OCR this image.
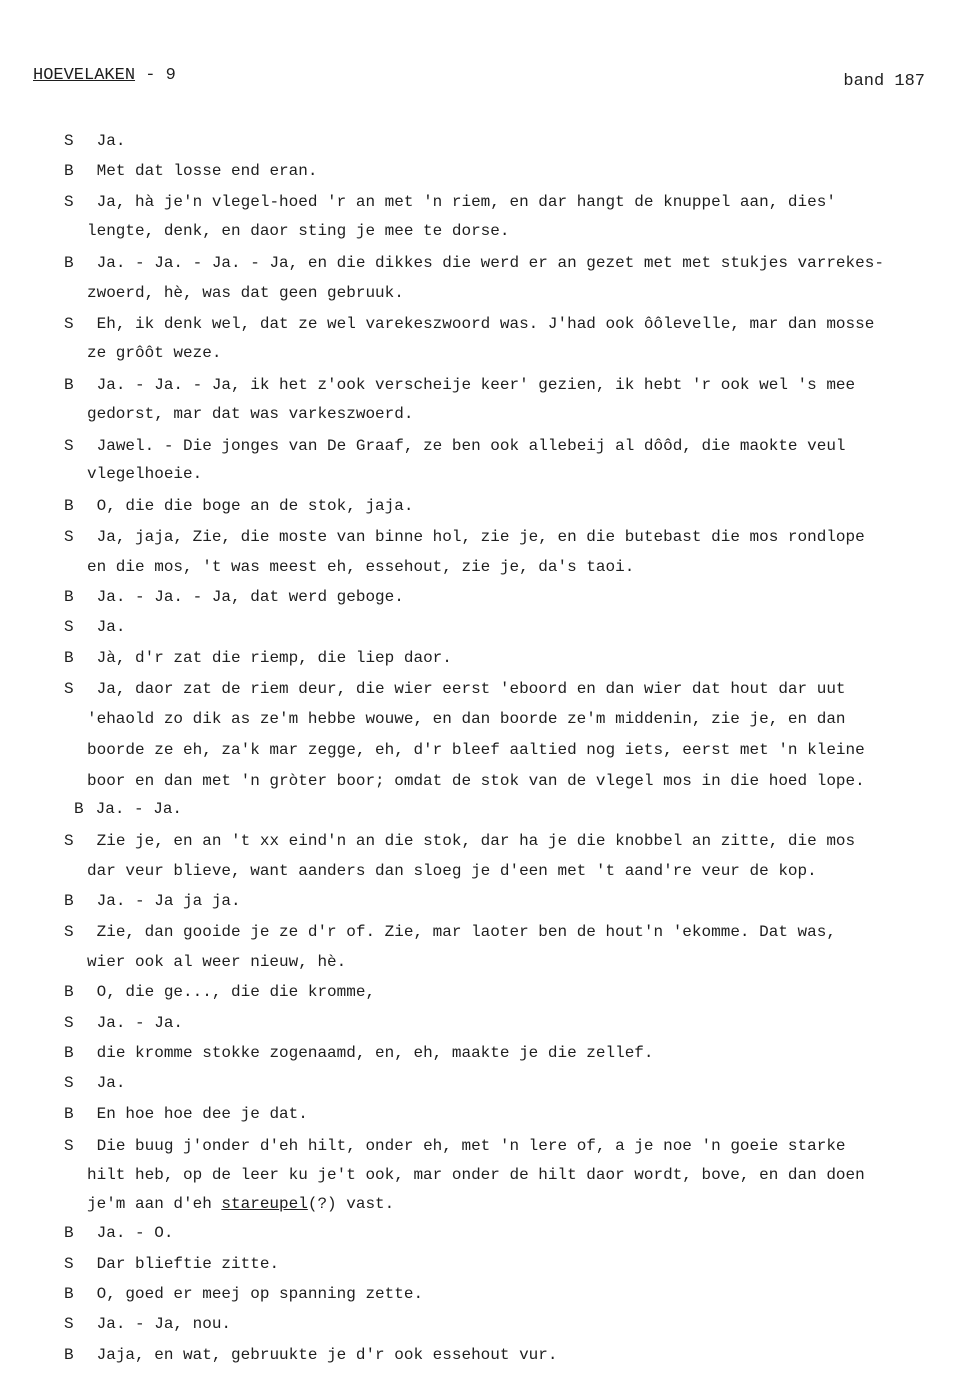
HOEVELAKEN - 9	band 187
S Ja.
B Met dat losse end eran.
S Ja, hà je'n vlegel-hoed 'r an met 'n riem, en dar hangt de knuppel aan, dies'
lengte, denk, en daor sting je mee te dorse.
B Ja. - Ja. - Ja. - Ja, en die dikkes die werd er an gezet met met stukjes varrekes-
zwoerd, hè, was dat geen gebruuk.
S Eh, ik denk wel, dat ze wel varekeszwoord was. J'had ook ôôlevelle, mar dan mosse
ze grôôt weze.
B Ja. - Ja. - Ja, ik het z'ook verscheije keer' gezien, ik hebt 'r ook wel 's mee
gedorst, mar dat was varkeszwoerd.
S Jawel. - Die jonges van De Graaf, ze ben ook allebeij al dôôd, die maokte veul
vlegelhoeie.
B O, die die boge an de stok, jaja.
S Ja, jaja, Zie, die moste van binne hol, zie je, en die butebast die mos rondlope
en die mos, 't was meest eh, essehout, zie je, da's taoi.
B Ja. - Ja. - Ja, dat werd geboge.
S Ja.
B Jà, d'r zat die riemp, die liep daor.
S Ja, daor zat de riem deur, die wier eerst 'eboord en dan wier dat hout dar uut
'ehaold zo dik as ze'm hebbe wouwe, en dan boorde ze'm middenin, zie je, en dan
boorde ze eh, za'k mar zegge, eh, d'r bleef aaltied nog iets, eerst met 'n kleine
boor en dan met 'n gròter boor; omdat de stok van de vlegel mos in die hoed lope.
B Ja. - Ja.
S Zie je, en an 't xx eind'n an die stok, dar ha je die knobbel an zitte, die mos
dar veur blieve, want aanders dan sloeg je d'een met 't aand're veur de kop.
B Ja. - Ja ja ja.
S Zie, dan gooide je ze d'r of. Zie, mar laoter ben de hout'n 'ekomme. Dat was,
wier ook al weer nieuw, hè.
B O, die ge..., die die kromme,
S Ja. - Ja.
B die kromme stokke zogenaamd, en, eh, maakte je die zellef.
S Ja.
B En hoe hoe dee je dat.
S Die buug j'onder d'eh hilt, onder eh, met 'n lere of, a je noe 'n goeie starke
hilt heb, op de leer ku je't ook, mar onder de hilt daor wordt, bove, en dan doen
je'm aan d'eh stareupel(?) vast.
B Ja. - O.
S Dar blieftie zitte.
B O, goed er meej op spanning zette.
S Ja. - Ja, nou.
B Jaja, en wat, gebruukte je d'r ook essehout vur.
